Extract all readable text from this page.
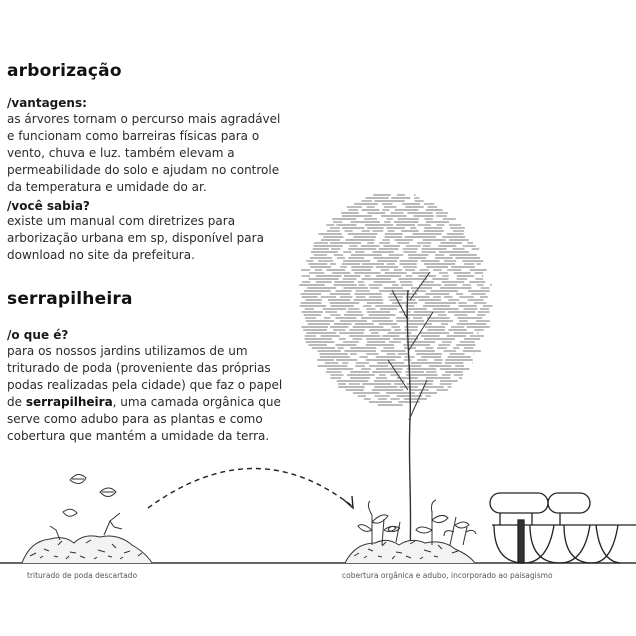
arborização

/vantagens:

as árvores tornam o percurso mais agradável
e funcionam como barreiras físicas para o
vento, chuva e luz. também elevam a
permeabilidade do solo e ajudam no controle
da temperatura e umidade do ar.

/você sabia?

existe um manual com diretrizes para
arborização urbana em sp, disponível para
download no site da prefeitura.
serrapilheira

/o que é?

para os nossos jardins utilizamos de um
triturado de poda (proveniente das próprias
podas realizadas pela cidade) que faz o papel
de serrapilheira, uma camada orgânica que
serve como adubo para as plantas e como
cobertura que mantém a umidade da terra.
triturado de poda descartado	cobertura orgânica e adubo, incorporado ao paisagismo
